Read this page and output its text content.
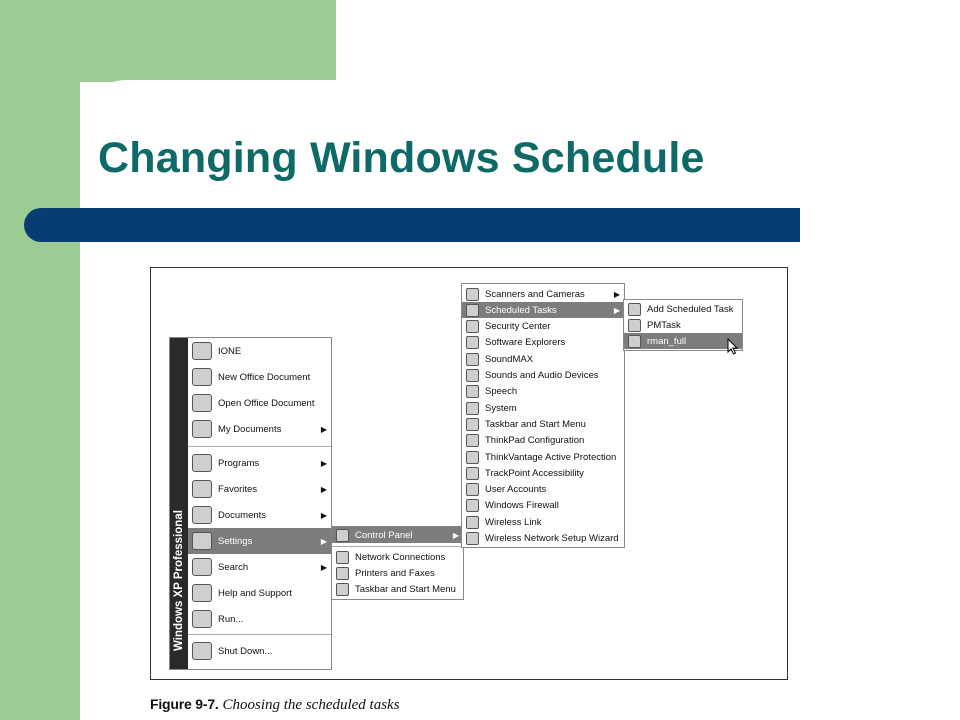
Changing Windows Schedule
Windows XP Professional
IONE
New Office Document
Open Office Document
My Documents	▶
Programs	▶
Favorites	▶
Documents	▶
Settings	▶
Search	▶
Help and Support
Run...
Shut Down...
Control Panel	▶
Network Connections
Printers and Faxes
Taskbar and Start Menu
Scanners and Cameras	▶
Scheduled Tasks	▶
Security Center
Software Explorers
SoundMAX
Sounds and Audio Devices
Speech
System
Taskbar and Start Menu
ThinkPad Configuration
ThinkVantage Active Protection
TrackPoint Accessibility
User Accounts
Windows Firewall
Wireless Link
Wireless Network Setup Wizard
Add Scheduled Task
PMTask
rman_full
Figure 9-7. Choosing the scheduled tasks
